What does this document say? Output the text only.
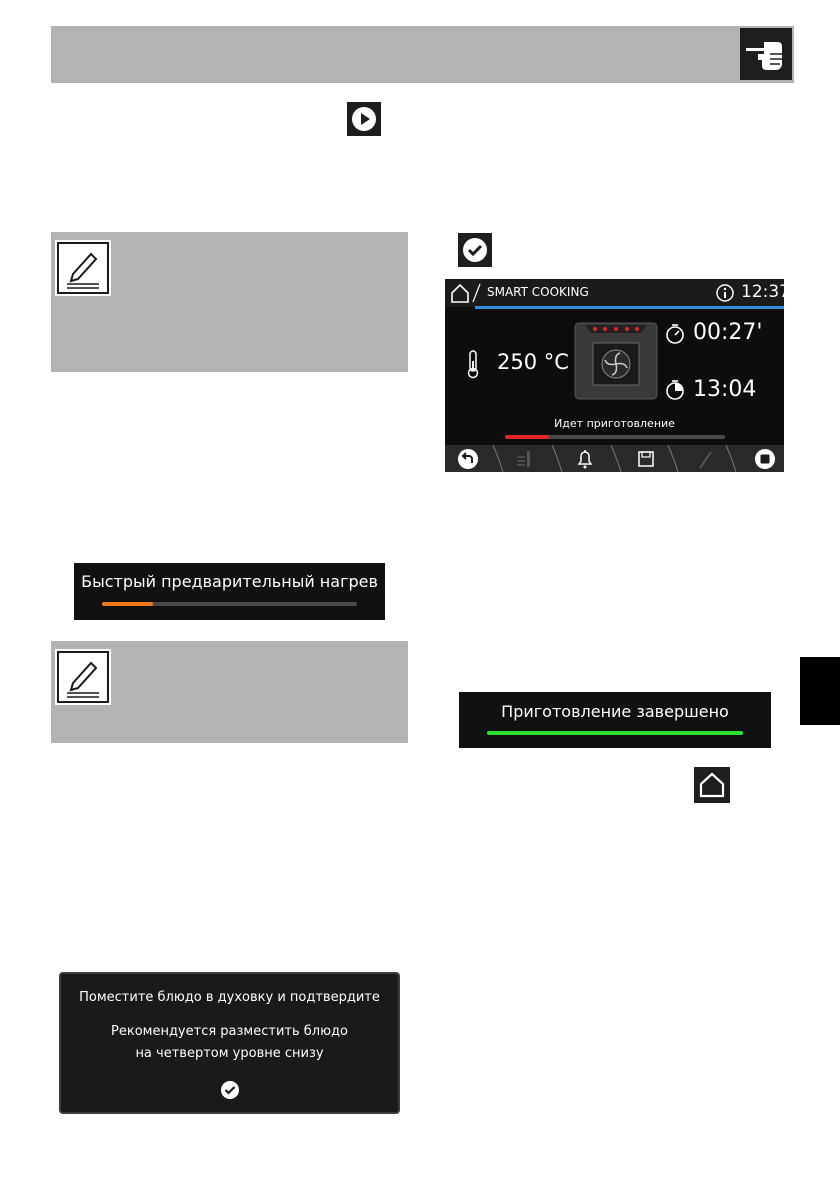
SMART COOKING	12:37
250 °C
00:27'
13:04
Идет приготовление
Быстрый предварительный нагрев
Приготовление завершено
Поместите блюдо в духовку и подтвердите
Рекомендуется разместить блюдо
на четвертом уровне снизу
